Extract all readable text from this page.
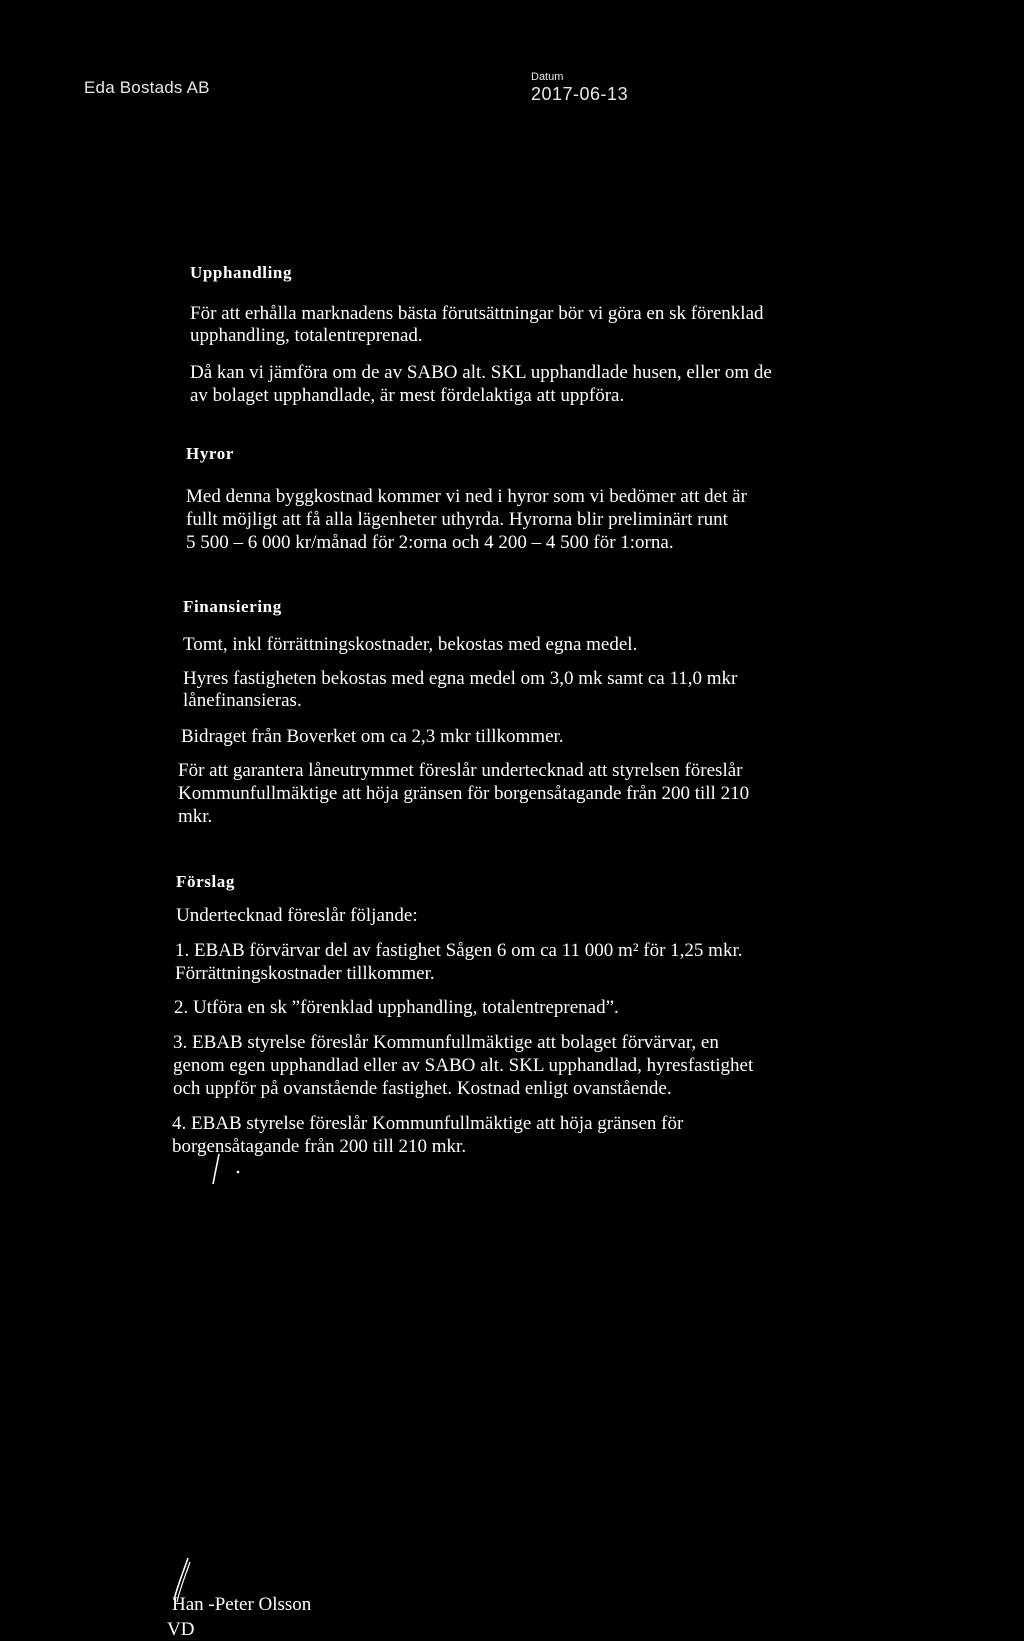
Eda Bostads AB
Datum
2017-06-13
Upphandling
För att erhålla marknadens bästa förutsättningar bör vi göra en sk förenklad
upphandling, totalentreprenad.
Då kan vi jämföra om de av SABO alt. SKL upphandlade husen, eller om de
av bolaget upphandlade, är mest fördelaktiga att uppföra.
Hyror
Med denna byggkostnad kommer vi ned i hyror som vi bedömer att det är
fullt möjligt att få alla lägenheter uthyrda. Hyrorna blir preliminärt runt
5 500 – 6 000 kr/månad för 2:orna och 4 200 – 4 500 för 1:orna.
Finansiering
Tomt, inkl förrättningskostnader, bekostas med egna medel.
Hyres fastigheten bekostas med egna medel om 3,0 mk samt ca 11,0 mkr
lånefinansieras.
Bidraget från Boverket om ca 2,3 mkr tillkommer.
För att garantera låneutrymmet föreslår undertecknad att styrelsen föreslår
Kommunfullmäktige att höja gränsen för borgensåtagande från 200 till 210
mkr.
Förslag
Undertecknad föreslår följande:
1. EBAB förvärvar del av fastighet Sågen 6 om ca 11 000 m² för 1,25 mkr.
Förrättningskostnader tillkommer.
2. Utföra en sk ”förenklad upphandling, totalentreprenad”.
3. EBAB styrelse föreslår Kommunfullmäktige att bolaget förvärvar, en
genom egen upphandlad eller av SABO alt. SKL upphandlad, hyresfastighet
och uppför på ovanstående fastighet. Kostnad enligt ovanstående.
4. EBAB styrelse föreslår Kommunfullmäktige att höja gränsen för
borgensåtagande från 200 till 210 mkr.
Han -Peter Olsson
VD
